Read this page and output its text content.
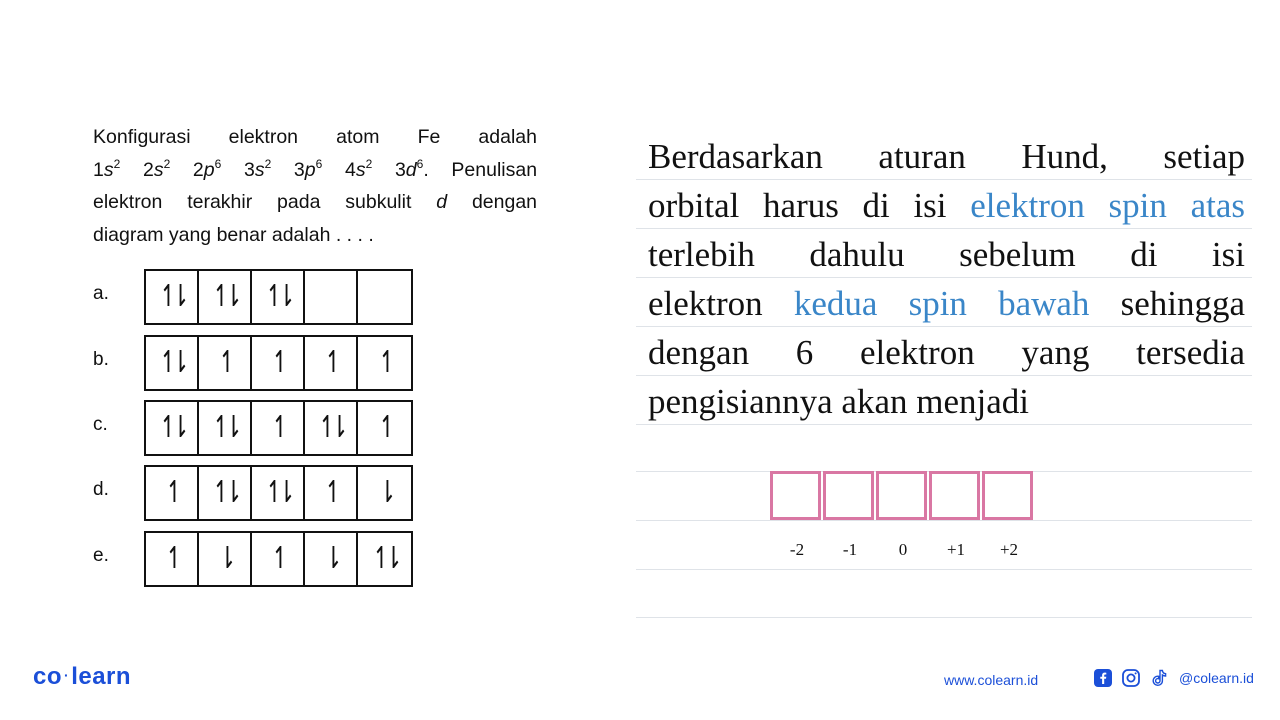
Konfigurasi elektron atom Fe adalah
$1s^2$ $2s^2$ $2p^6$ $3s^2$ $3p^6$ $4s^2$ $3d^6$. Penulisan
elektron terakhir pada subkulit d dengan
diagram yang benar adalah . . . .
a. ↿⇂ ↿⇂ ↿⇂
b. ↿⇂ ↿ ↿ ↿ ↿
c. ↿⇂ ↿⇂ ↿ ↿⇂ ↿
d. ↿ ↿⇂ ↿⇂ ↿ ⇂
e. ↿ ⇂ ↿ ⇂ ↿⇂
Berdasarkan aturan Hund, setiap
orbital harus di isi elektron spin atas
terlebih dahulu sebelum di isi
elektron kedua spin bawah sehingga
dengan 6 elektron yang tersedia
pengisiannya akan menjadi
-2 -1 0 +1 +2
co ·learn	www.colearn.id	@colearn.id
